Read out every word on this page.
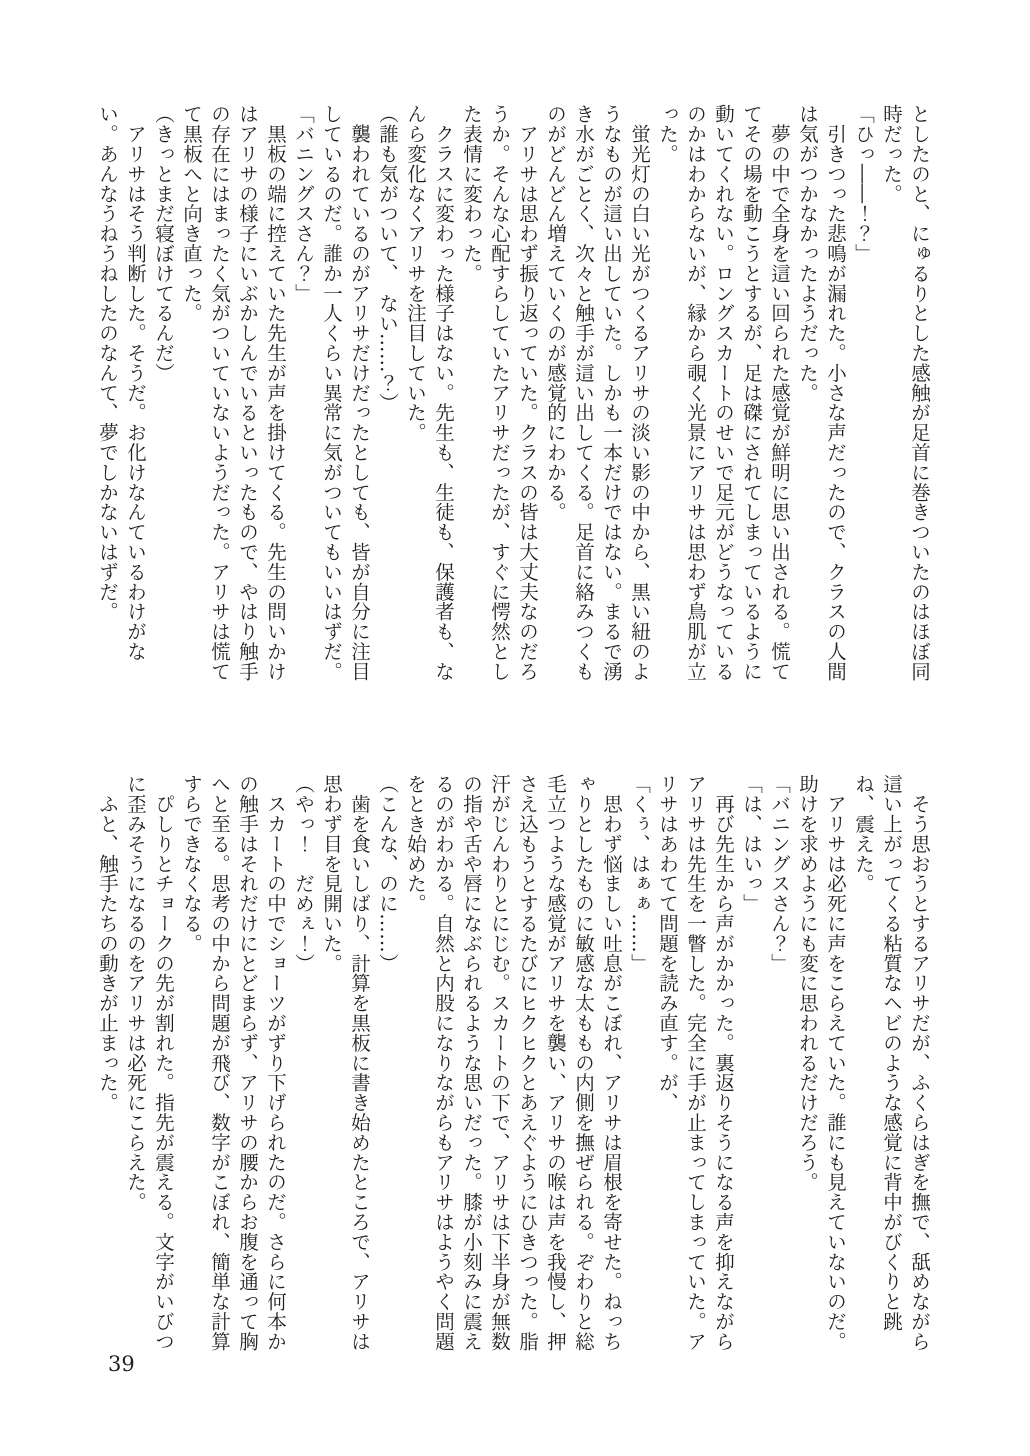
としたのと、にゅるりとした感触が足首に巻きついたのはほぼ同
時だった。
「ひっ――！？」
　引きつった悲鳴が漏れた。小さな声だったので、クラスの人間
は気がつかなかったようだった。
　夢の中で全身を這い回られた感覚が鮮明に思い出される。慌て
てその場を動こうとするが、足は磔にされてしまっているように
動いてくれない。ロングスカートのせいで足元がどうなっている
のかはわからないが、縁から覗く光景にアリサは思わず鳥肌が立
った。
　蛍光灯の白い光がつくるアリサの淡い影の中から、黒い紐のよ
うなものが這い出していた。しかも一本だけではない。まるで湧
き水がごとく、次々と触手が這い出してくる。足首に絡みつくも
のがどんどん増えていくのが感覚的にわかる。
　アリサは思わず振り返っていた。クラスの皆は大丈夫なのだろ
うか。そんな心配すらしていたアリサだったが、すぐに愕然とし
た表情に変わった。
　クラスに変わった様子はない。先生も、生徒も、保護者も、な
んら変化なくアリサを注目していた。
（誰も気がついて、　ない……？）
　襲われているのがアリサだけだったとしても、皆が自分に注目
しているのだ。誰か一人くらい異常に気がついてもいいはずだ。
「バニングスさん？」
　黒板の端に控えていた先生が声を掛けてくる。先生の問いかけ
はアリサの様子にいぶかしんでいるといったもので、やはり触手
の存在にはまったく気がついていないようだった。アリサは慌て
て黒板へと向き直った。
（きっとまだ寝ぼけてるんだ）
　アリサはそう判断した。そうだ。お化けなんているわけがな
い。あんなうねうねしたのなんて、夢でしかないはずだ。
　そう思おうとするアリサだが、ふくらはぎを撫で、舐めながら
這い上がってくる粘質なヘビのような感覚に背中がびくりと跳
ね、震えた。
　アリサは必死に声をこらえていた。誰にも見えていないのだ。
助けを求めようにも変に思われるだけだろう。
「バニングスさん？」
「は、はいっ」
　再び先生から声がかかった。裏返りそうになる声を抑えながら
アリサは先生を一瞥した。完全に手が止まってしまっていた。ア
リサはあわてて問題を読み直す。が、
「くぅ、はぁぁ……」
　思わず悩ましい吐息がこぼれ、アリサは眉根を寄せた。ねっち
ゃりとしたものに敏感な太ももの内側を撫ぜられる。ぞわりと総
毛立つような感覚がアリサを襲い、アリサの喉は声を我慢し、押
さえ込もうとするたびにヒクヒクとあえぐようにひきつった。脂
汗がじんわりとにじむ。スカートの下で、アリサは下半身が無数
の指や舌や唇になぶられるような思いだった。膝が小刻みに震え
るのがわかる。自然と内股になりながらもアリサはようやく問題
をとき始めた。
（こんな、のに……）
　歯を食いしばり、計算を黒板に書き始めたところで、アリサは
思わず目を見開いた。
（やっ！　だめぇ！）
　スカートの中でショーツがずり下げられたのだ。さらに何本か
の触手はそれだけにとどまらず、アリサの腰からお腹を通って胸
へと至る。思考の中から問題が飛び、数字がこぼれ、簡単な計算
すらできなくなる。
　ぴしりとチョークの先が割れた。指先が震える。文字がいびつ
に歪みそうになるのをアリサは必死にこらえた。
　ふと、触手たちの動きが止まった。
39
